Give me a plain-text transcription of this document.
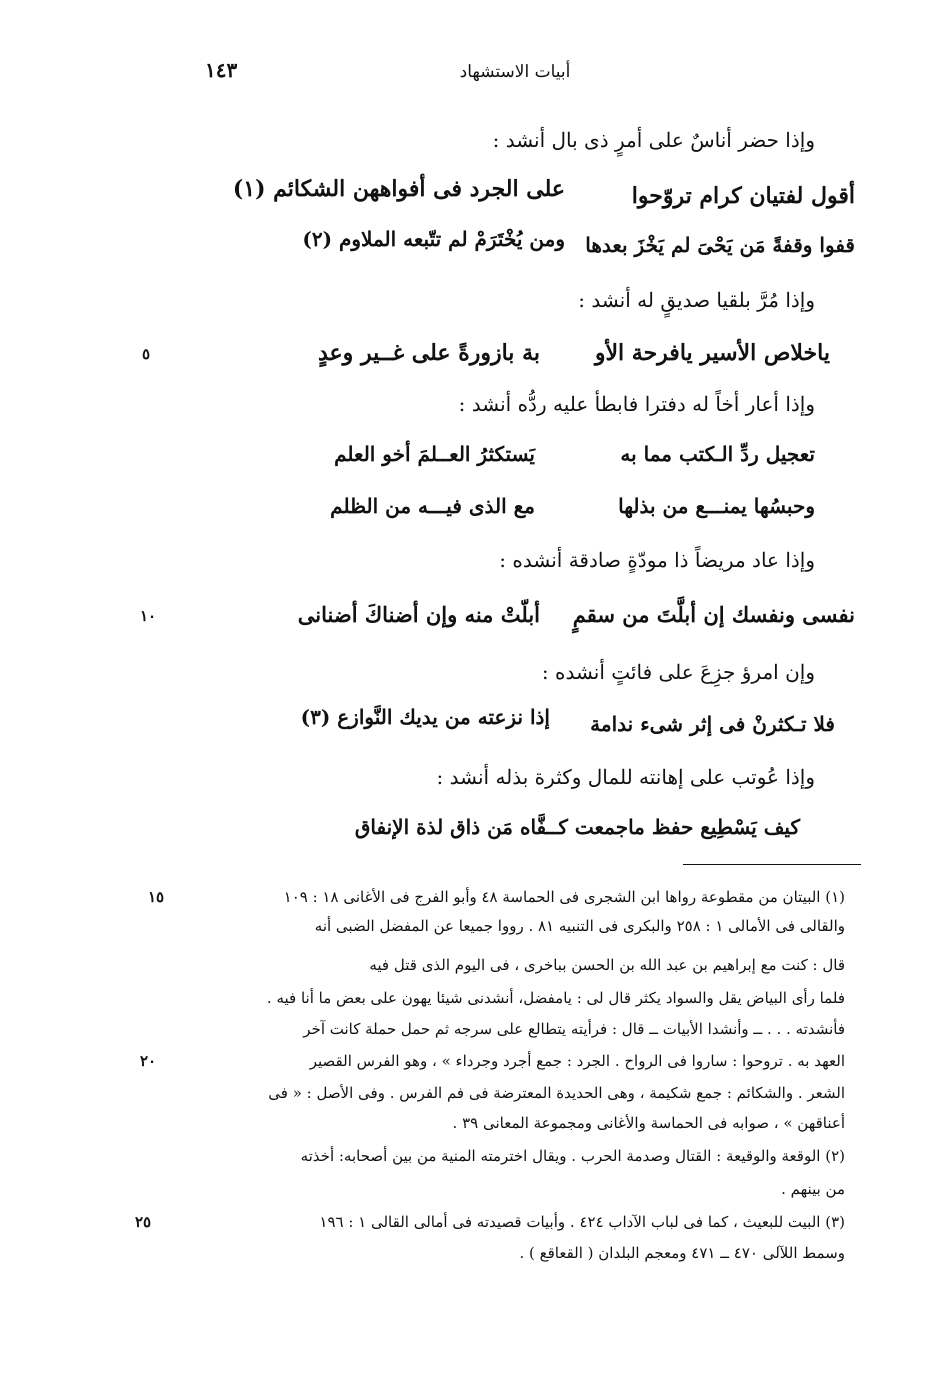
أبيات الاستشهاد
١٤٣
وإذا حضر أناسٌ على أمرٍ ذى بال أنشد :
أقول لفتيان كرام تروّحوا
على الجرد فى أفواههن الشكائم (١)
قفوا وقفةً مَن يَحْىَ لم يَخْزَ بعدها
ومن يُخْتَرَمْ لم تتّبعه الملاوم (٢)
وإذا مُرَّ بلقيا صديقٍ له أنشد :
ياخلاص الأسير يافرحة الأو
بة بازورةً على غــير وعدٍ
٥
وإذا أعار أخاً له دفترا فابطأ عليه ردُّه أنشد :
تعجيل ردِّ الـكتب مما به
يَستكثرُ العــلمَ أخو العلم
وحبسُها يمنـــع من بذلها
مع الذى فيـــه من الظلم
وإذا عاد مريضاً ذا مودّةٍ صادقة أنشده :
نفسى ونفسك إن أبلَّتَ من سقمٍ
أبلّتْ منه وإن أضناكَ أضنانى
١٠
وإن امرؤ جزِعَ على فائتٍ أنشده :
فلا تـكثرنْ فى إثر شىء ندامة
إذا نزعته من يديك النَّوازع (٣)
وإذا عُوتب على إهانته للمال وكثرة بذله أنشد :
كيف يَسْطِيع حفظ ماجمعت كــفَّاه مَن ذاق لذة الإنفاق
(١) البيتان من مقطوعة رواها ابن الشجرى فى الحماسة ٤٨ وأبو الفرج فى الأغانى ١٨ : ١٠٩
١٥
والقالى فى الأمالى ١ : ٢٥٨ والبكرى فى التنبيه ٨١ . رووا جميعا عن المفضل الضبى أنه
قال : كنت مع إبراهيم بن عبد الله بن الحسن بباخرى ، فى اليوم الذى قتل فيه
فلما رأى البياض يقل والسواد يكثر قال لى : يامفضل، أنشدنى شيئا يهون على بعض ما أنا فيه .
فأنشدته . . . ــ وأنشدا الأبيات ــ قال : فرأيته يتطالع على سرجه ثم حمل حملة كانت آخر
العهد به . تروحوا : ساروا فى الرواح . الجرد : جمع أجرد وجرداء » ، وهو الفرس القصير
٢٠
الشعر . والشكائم : جمع شكيمة ، وهى الحديدة المعترضة فى فم الفرس . وفى الأصل : « فى
أعناقهن » ، صوابه فى الحماسة والأغانى ومجموعة المعانى ٣٩ .
(٢) الوقعة والوقيعة : القتال وصدمة الحرب . ويقال اخترمته المنية من بين أصحابه: أخذته
من بينهم .
(٣) البيت للبعيث ، كما فى لباب الآداب ٤٢٤ . وأبيات قصيدته فى أمالى القالى ١ : ١٩٦
٢٥
وسمط اللآلى ٤٧٠ ــ ٤٧١ ومعجم البلدان ( القعاقع ) .
